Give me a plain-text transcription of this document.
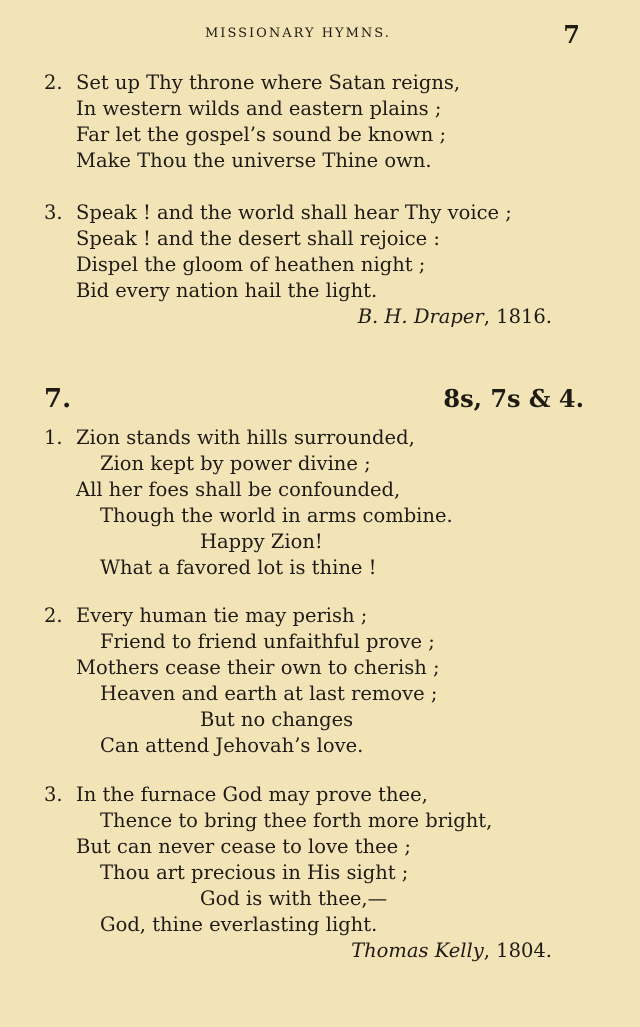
MISSIONARY HYMNS.	7
2. Set up Thy throne where Satan reigns,
In western wilds and eastern plains ;
Far let the gospel’s sound be known ;
Make Thou the universe Thine own.
3. Speak ! and the world shall hear Thy voice ;
Speak ! and the desert shall rejoice :
Dispel the gloom of heathen night ;
Bid every nation hail the light.
B. H. Draper, 1816.
7.	8s, 7s & 4.
1. Zion stands with hills surrounded,
Zion kept by power divine ;
All her foes shall be confounded,
Though the world in arms combine.
Happy Zion!
What a favored lot is thine !
2. Every human tie may perish ;
Friend to friend unfaithful prove ;
Mothers cease their own to cherish ;
Heaven and earth at last remove ;
But no changes
Can attend Jehovah’s love.
3. In the furnace God may prove thee,
Thence to bring thee forth more bright,
But can never cease to love thee ;
Thou art precious in His sight ;
God is with thee,—
God, thine everlasting light.
Thomas Kelly, 1804.
